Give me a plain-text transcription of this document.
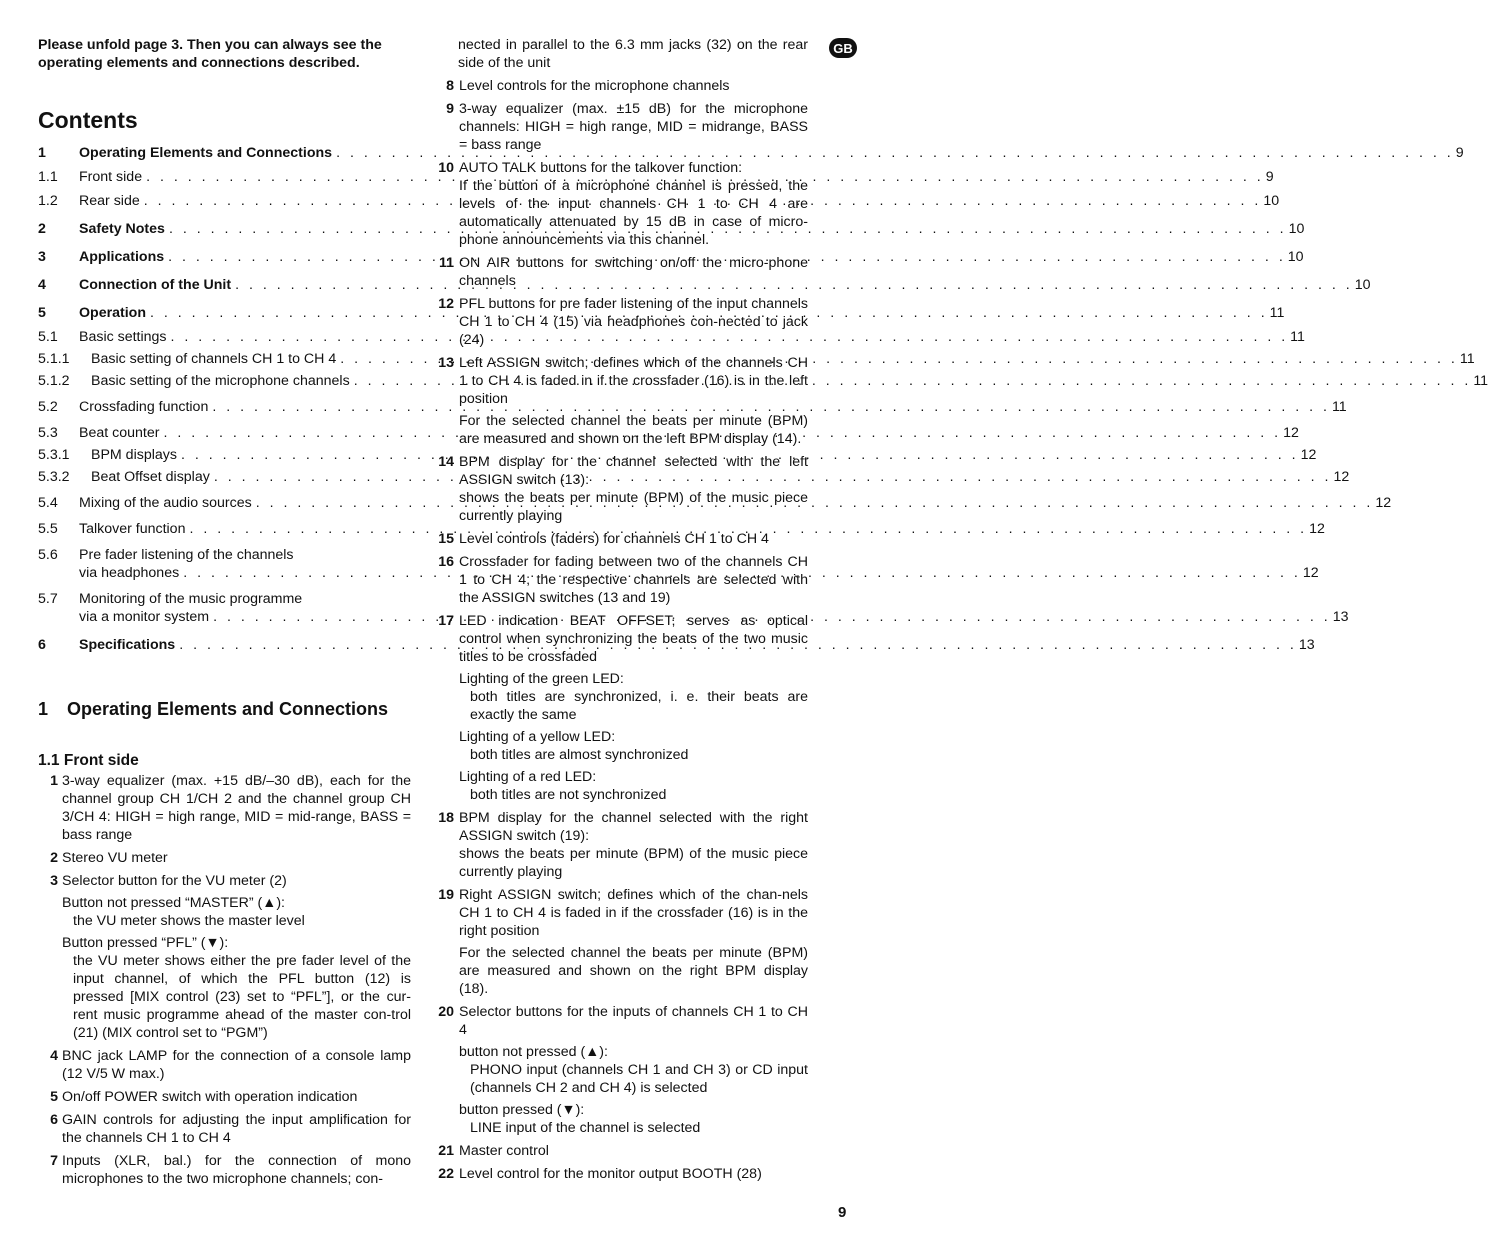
Please unfold page 3. Then you can always see the operating elements and connections described.

Contents
1	Operating Elements and Connections . . .	9
1.1	Front side . . .	9
1.2	Rear side . . .	10
2	Safety Notes . . .	10
3	Applications . . .	10
4	Connection of the Unit . . .	10
5	Operation . . .	11
5.1	Basic settings . . .	11
5.1.1	Basic setting of channels CH 1 to CH 4 . . .	11
5.1.2	Basic setting of the microphone channels . . .	11
5.2	Crossfading function . . .	11
5.3	Beat counter . . .	12
5.3.1	BPM displays . . .	12
5.3.2	Beat Offset display . . .	12
5.4	Mixing of the audio sources . . .	12
5.5	Talkover function . . .	12
5.6	Pre fader listening of the channels
via headphones . . .	12
5.7	Monitoring of the music programme
via a monitor system . . .	13
6	Specifications . . .	13
1 Operating Elements and Connections
1.1 Front side
1 3-way equalizer (max. +15 dB/–30 dB), each for the channel group CH 1/CH 2 and the channel group CH 3/CH 4: HIGH = high range, MID = mid-range, BASS = bass range

2 Stereo VU meter

3 Selector button for the VU meter (2)

Button not pressed “MASTER” (▲):
the VU meter shows the master level
Button pressed “PFL” (▼):
the VU meter shows either the pre fader level of the input channel, of which the PFL button (12) is pressed [MIX control (23) set to “PFL”], or the cur-rent music programme ahead of the master con-trol (21) (MIX control set to “PGM”)
4 BNC jack LAMP for the connection of a console lamp (12 V/5 W max.)

5 On/off POWER switch with operation indication

6 GAIN controls for adjusting the input amplification for the channels CH 1 to CH 4

7 Inputs (XLR, bal.) for the connection of mono microphones to the two microphone channels; con-

nected in parallel to the 6.3 mm jacks (32) on the rear side of the unit
8 Level controls for the microphone channels

9 3-way equalizer (max. ±15 dB) for the microphone channels: HIGH = high range, MID = midrange, BASS = bass range

10 AUTO TALK buttons for the talkover function:

If the button of a microphone channel is pressed, the levels of the input channels CH 1 to CH 4 are automatically attenuated by 15 dB in case of micro-phone announcements via this channel.

11 ON AIR buttons for switching on/off the micro-phone channels

12 PFL buttons for pre fader listening of the input channels CH 1 to CH 4 (15) via headphones con-nected to jack (24)

13 Left ASSIGN switch; defines which of the channels CH 1 to CH 4 is faded in if the crossfader (16) is in the left position

For the selected channel the beats per minute (BPM) are measured and shown on the left BPM display (14).

14 BPM display for the channel selected with the left ASSIGN switch (13):

shows the beats per minute (BPM) of the music piece currently playing

15 Level controls (faders) for channels CH 1 to CH 4

16 Crossfader for fading between two of the channels CH 1 to CH 4; the respective channels are selected with the ASSIGN switches (13 and 19)

17 LED indication BEAT OFFSET; serves as optical control when synchronizing the beats of the two music titles to be crossfaded

Lighting of the green LED:
both titles are synchronized, i. e. their beats are exactly the same
Lighting of a yellow LED:
both titles are almost synchronized
Lighting of a red LED:
both titles are not synchronized
18 BPM display for the channel selected with the right ASSIGN switch (19):

shows the beats per minute (BPM) of the music piece currently playing

19 Right ASSIGN switch; defines which of the chan-nels CH 1 to CH 4 is faded in if the crossfader (16) is in the right position

For the selected channel the beats per minute (BPM) are measured and shown on the right BPM display (18).

20 Selector buttons for the inputs of channels CH 1 to CH 4

button not pressed (▲):
PHONO input (channels CH 1 and CH 3) or CD input (channels CH 2 and CH 4) is selected
button pressed (▼):
LINE input of the channel is selected
21 Master control

22 Level control for the monitor output BOOTH (28)

GB
9
